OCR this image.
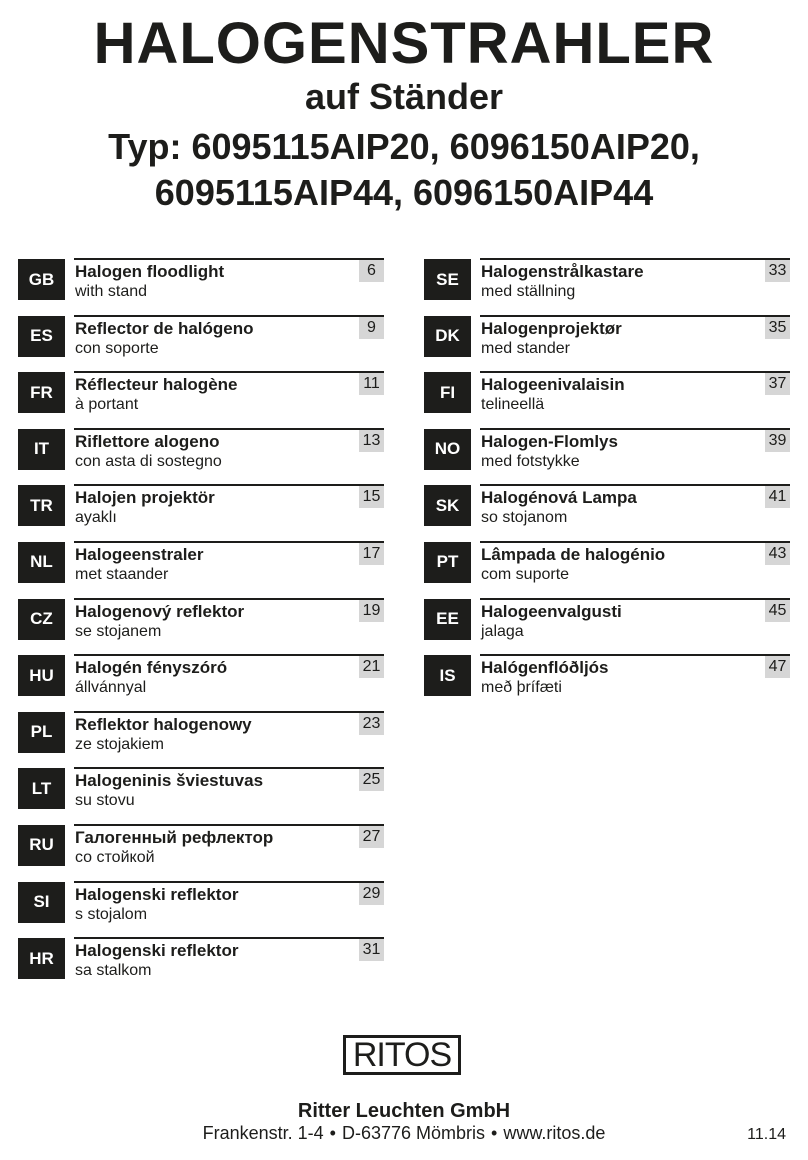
HALOGENSTRAHLER
auf Ständer
Typ: 6095115AIP20, 6096150AIP20,
6095115AIP44, 6096150AIP44
GB	6
Halogen floodlight
with stand
ES	9
Reflector de halógeno
con soporte
FR	11
Réflecteur halogène
à portant
IT	13
Riflettore alogeno
con asta di sostegno
TR	15
Halojen projektör
ayaklı
NL	17
Halogeenstraler
met staander
CZ	19
Halogenový reflektor
se stojanem
HU	21
Halogén fényszóró
állvánnyal
PL	23
Reflektor halogenowy
ze stojakiem
LT	25
Halogeninis šviestuvas
su stovu
RU	27
Галогенный рефлектор
со стойкой
SI	29
Halogenski reflektor
s stojalom
HR	31
Halogenski reflektor
sa stalkom
SE	33
Halogenstrålkastare
med ställning
DK	35
Halogenprojektør
med stander
FI	37
Halogeenivalaisin
telineellä
NO	39
Halogen-Flomlys
med fotstykke
SK	41
Halogénová Lampa
so stojanom
PT	43
Lâmpada de halogénio
com suporte
EE	45
Halogeenvalgusti
jalaga
IS	47
Halógenflóðljós
með þrífæti
RITOS
Ritter Leuchten GmbH
Frankenstr. 1-4 • D-63776 Mömbris • www.ritos.de	11.14
